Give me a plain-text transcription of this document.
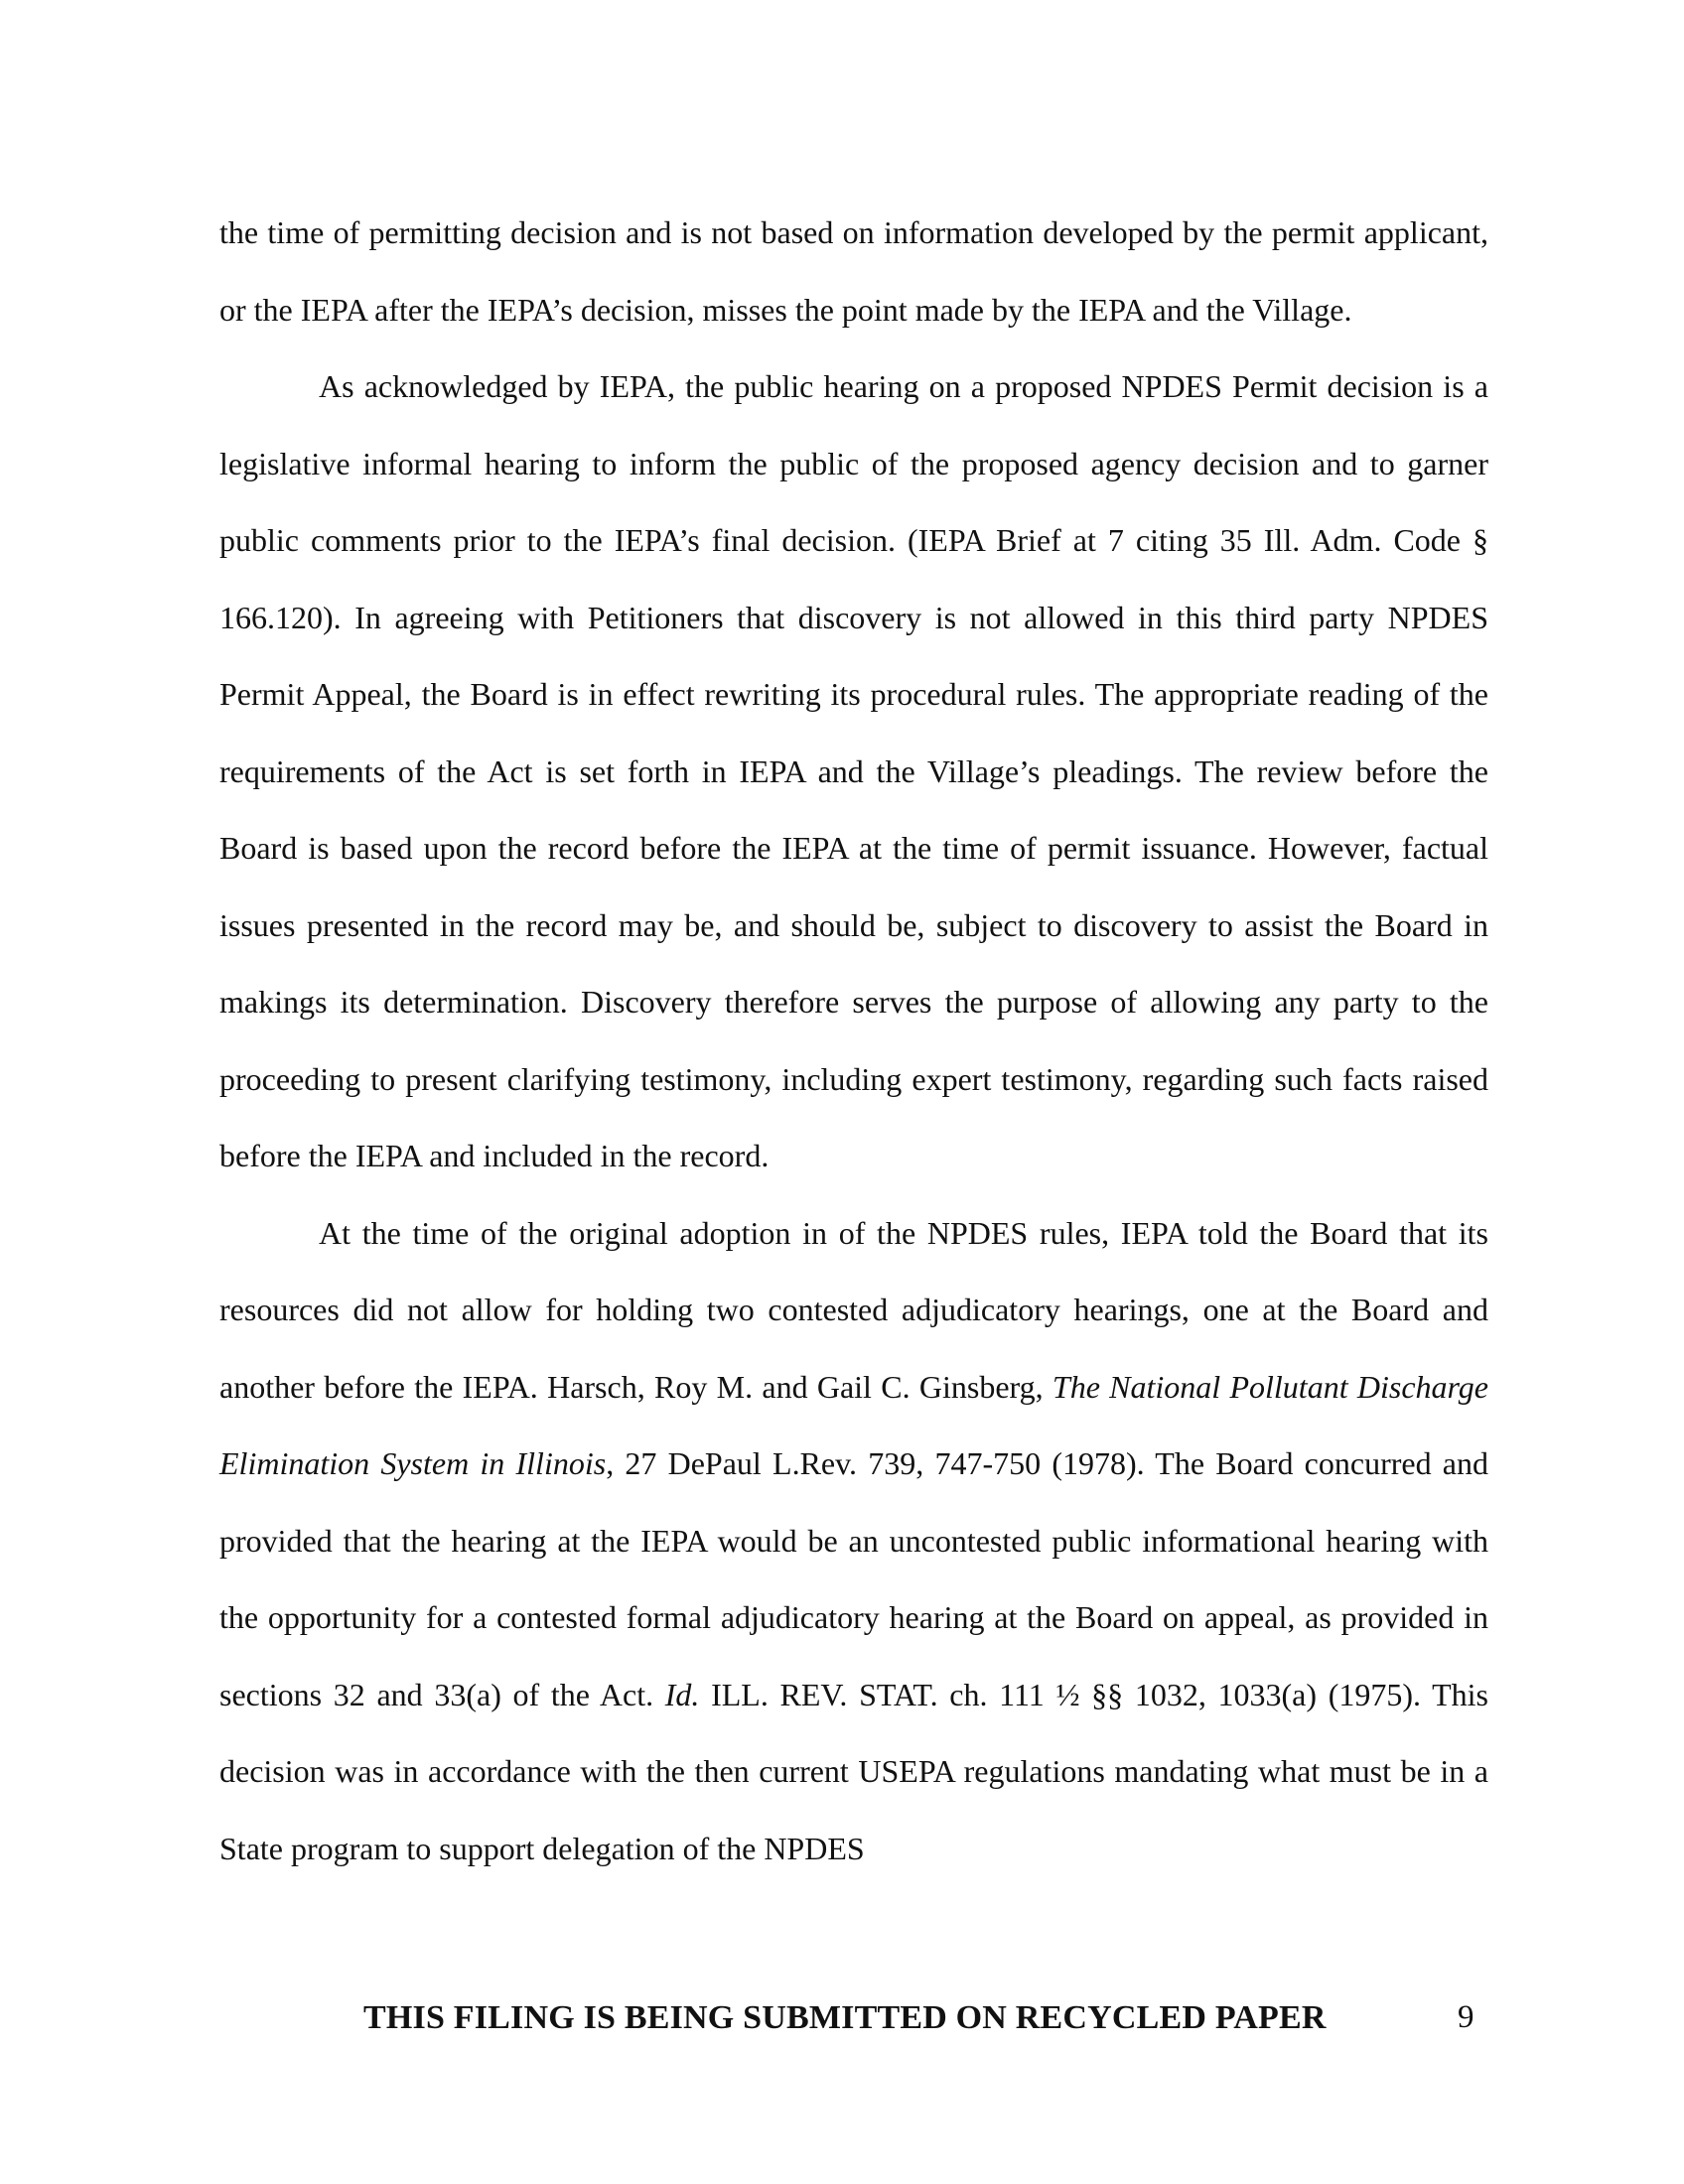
the time of permitting decision and is not based on information developed by the permit applicant, or the IEPA after the IEPA’s decision, misses the point made by the IEPA and the Village.

As acknowledged by IEPA, the public hearing on a proposed NPDES Permit decision is a legislative informal hearing to inform the public of the proposed agency decision and to garner public comments prior to the IEPA’s final decision. (IEPA Brief at 7 citing 35 Ill. Adm. Code § 166.120). In agreeing with Petitioners that discovery is not allowed in this third party NPDES Permit Appeal, the Board is in effect rewriting its procedural rules. The appropriate reading of the requirements of the Act is set forth in IEPA and the Village’s pleadings. The review before the Board is based upon the record before the IEPA at the time of permit issuance. However, factual issues presented in the record may be, and should be, subject to discovery to assist the Board in makings its determination. Discovery therefore serves the purpose of allowing any party to the proceeding to present clarifying testimony, including expert testimony, regarding such facts raised before the IEPA and included in the record.

At the time of the original adoption in of the NPDES rules, IEPA told the Board that its resources did not allow for holding two contested adjudicatory hearings, one at the Board and another before the IEPA. Harsch, Roy M. and Gail C. Ginsberg, The National Pollutant Discharge Elimination System in Illinois, 27 DePaul L.Rev. 739, 747-750 (1978). The Board concurred and provided that the hearing at the IEPA would be an uncontested public informational hearing with the opportunity for a contested formal adjudicatory hearing at the Board on appeal, as provided in sections 32 and 33(a) of the Act. Id. ILL. REV. STAT. ch. 111 ½ §§ 1032, 1033(a) (1975). This decision was in accordance with the then current USEPA regulations mandating what must be in a State program to support delegation of the NPDES

THIS FILING IS BEING SUBMITTED ON RECYCLED PAPER	9
